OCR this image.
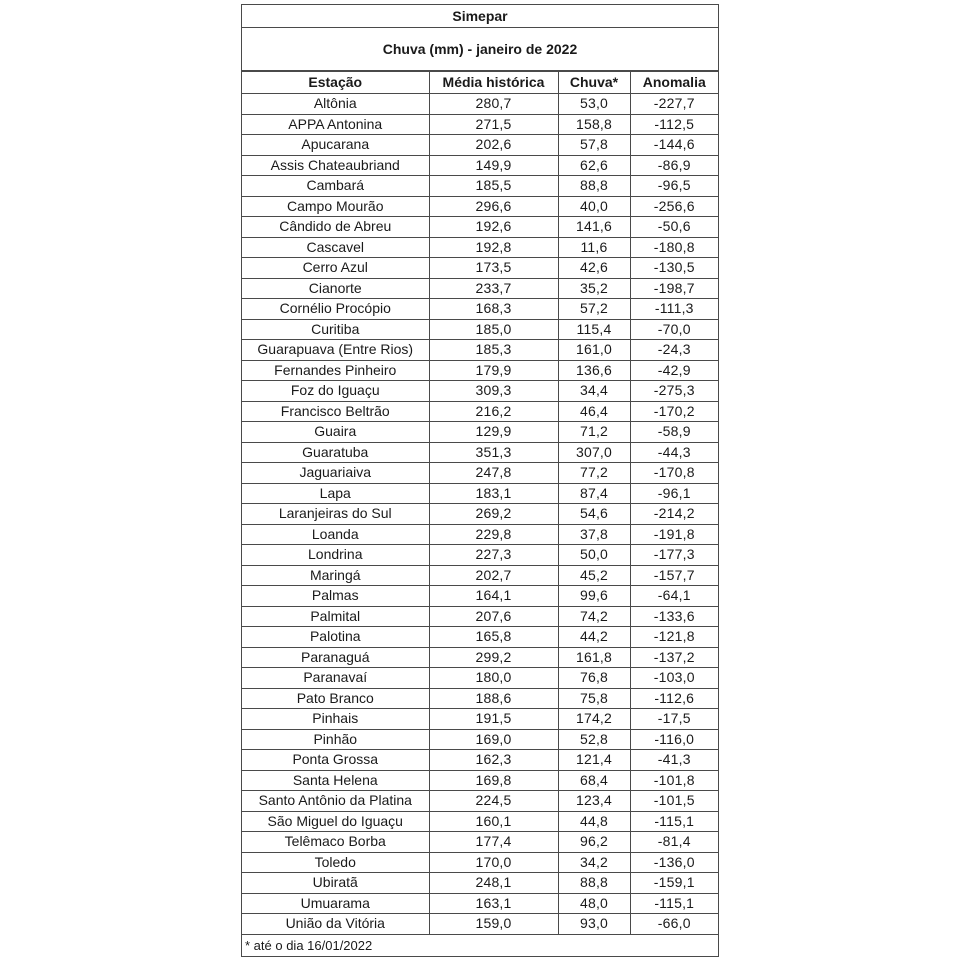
Simepar
Chuva (mm) - janeiro de 2022
Estação	Média histórica	Chuva*	Anomalia
Altônia	280,7	53,0	-227,7
APPA Antonina	271,5	158,8	-112,5
Apucarana	202,6	57,8	-144,6
Assis Chateaubriand	149,9	62,6	-86,9
Cambará	185,5	88,8	-96,5
Campo Mourão	296,6	40,0	-256,6
Cândido de Abreu	192,6	141,6	-50,6
Cascavel	192,8	11,6	-180,8
Cerro Azul	173,5	42,6	-130,5
Cianorte	233,7	35,2	-198,7
Cornélio Procópio	168,3	57,2	-111,3
Curitiba	185,0	115,4	-70,0
Guarapuava (Entre Rios)	185,3	161,0	-24,3
Fernandes Pinheiro	179,9	136,6	-42,9
Foz do Iguaçu	309,3	34,4	-275,3
Francisco Beltrão	216,2	46,4	-170,2
Guaira	129,9	71,2	-58,9
Guaratuba	351,3	307,0	-44,3
Jaguariaiva	247,8	77,2	-170,8
Lapa	183,1	87,4	-96,1
Laranjeiras do Sul	269,2	54,6	-214,2
Loanda	229,8	37,8	-191,8
Londrina	227,3	50,0	-177,3
Maringá	202,7	45,2	-157,7
Palmas	164,1	99,6	-64,1
Palmital	207,6	74,2	-133,6
Palotina	165,8	44,2	-121,8
Paranaguá	299,2	161,8	-137,2
Paranavaí	180,0	76,8	-103,0
Pato Branco	188,6	75,8	-112,6
Pinhais	191,5	174,2	-17,5
Pinhão	169,0	52,8	-116,0
Ponta Grossa	162,3	121,4	-41,3
Santa Helena	169,8	68,4	-101,8
Santo Antônio da Platina	224,5	123,4	-101,5
São Miguel do Iguaçu	160,1	44,8	-115,1
Telêmaco Borba	177,4	96,2	-81,4
Toledo	170,0	34,2	-136,0
Ubiratã	248,1	88,8	-159,1
Umuarama	163,1	48,0	-115,1
União da Vitória	159,0	93,0	-66,0
* até o dia 16/01/2022
